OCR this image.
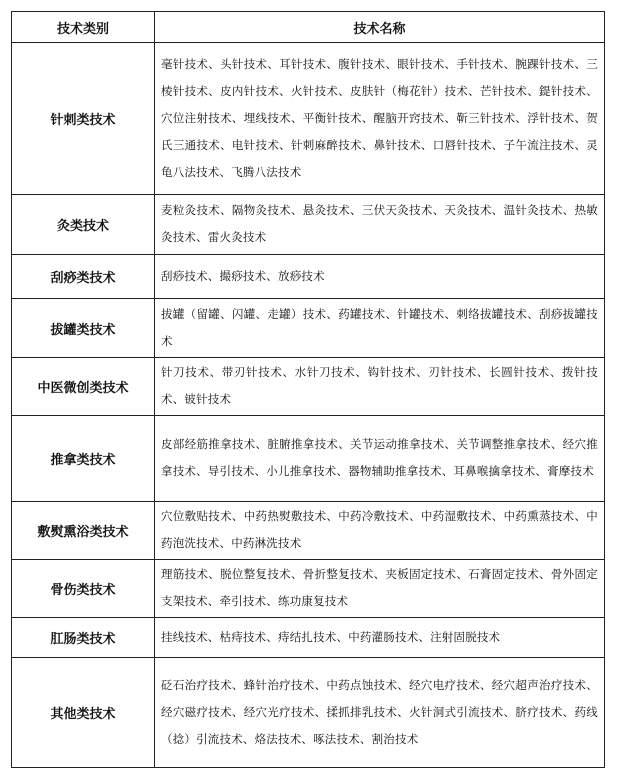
技术类别	技术名称
针刺类技术	毫针技术、头针技术、耳针技术、腹针技术、眼针技术、手针技术、腕踝针技术、三棱针技术、皮内针技术、火针技术、皮肤针（梅花针）技术、芒针技术、鍉针技术、穴位注射技术、埋线技术、平衡针技术、醒脑开窍技术、靳三针技术、浮针技术、贺氏三通技术、电针技术、针刺麻醉技术、鼻针技术、口唇针技术、子午流注技术、灵龟八法技术、飞腾八法技术
灸类技术	麦粒灸技术、隔物灸技术、悬灸技术、三伏天灸技术、天灸技术、温针灸技术、热敏灸技术、雷火灸技术
刮痧类技术	刮痧技术、撮痧技术、放痧技术
拔罐类技术	拔罐（留罐、闪罐、走罐）技术、药罐技术、针罐技术、刺络拔罐技术、刮痧拔罐技术
中医微创类技术	针刀技术、带刃针技术、水针刀技术、钩针技术、刃针技术、长圆针技术、拨针技术、铍针技术
推拿类技术	皮部经筋推拿技术、脏腑推拿技术、关节运动推拿技术、关节调整推拿技术、经穴推拿技术、导引技术、小儿推拿技术、器物辅助推拿技术、耳鼻喉擒拿技术、膏摩技术
敷熨熏浴类技术	穴位敷贴技术、中药热熨敷技术、中药冷敷技术、中药湿敷技术、中药熏蒸技术、中药泡洗技术、中药淋洗技术
骨伤类技术	理筋技术、脱位整复技术、骨折整复技术、夹板固定技术、石膏固定技术、骨外固定支架技术、牵引技术、练功康复技术
肛肠类技术	挂线技术、枯痔技术、痔结扎技术、中药灌肠技术、注射固脱技术
其他类技术	砭石治疗技术、蜂针治疗技术、中药点蚀技术、经穴电疗技术、经穴超声治疗技术、经穴磁疗技术、经穴光疗技术、揉抓排乳技术、火针洞式引流技术、脐疗技术、药线（捻）引流技术、烙法技术、啄法技术、割治技术
